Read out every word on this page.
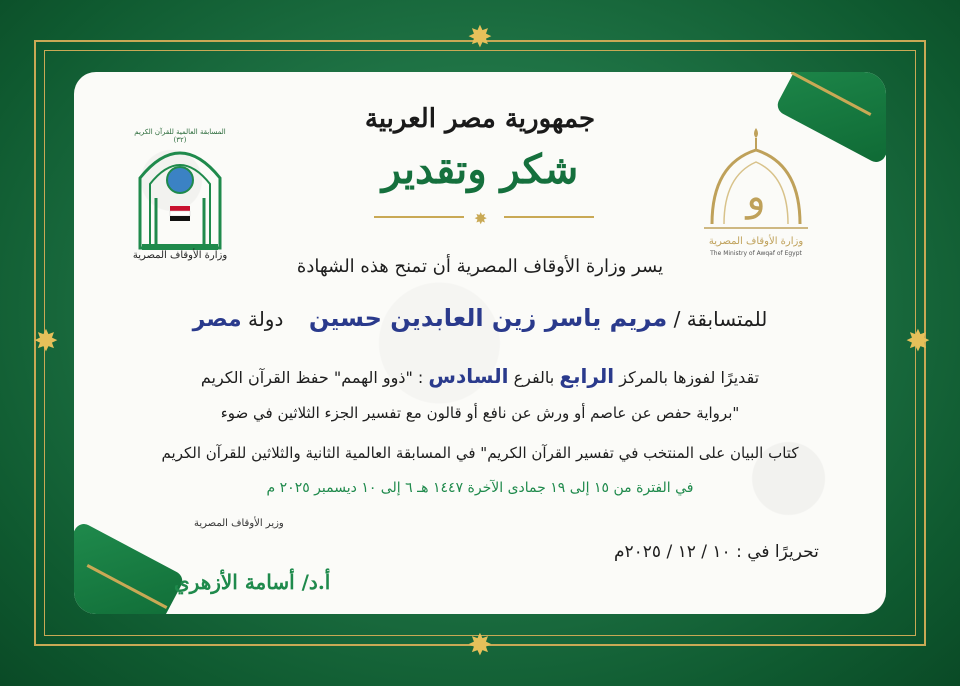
✸
✸
✸	✸
المسابقة العالمية للقرآن الكريم (٣٢)
وزارة الأوقاف المصرية
و
وزارة الأوقاف المصرية
The Ministry of Awqaf of Egypt
جمهورية مصر العربية
شكر وتقدير
✸
يسر وزارة الأوقاف المصرية أن تمنح هذه الشهادة
للمتسابقة / مريم ياسر زين العابدين حسين    دولة مصر
تقديرًا لفوزها بالمركز الرابع بالفرع السادس : "ذوو الهمم" حفظ القرآن الكريم
"برواية حفص عن عاصم أو ورش عن نافع أو قالون مع تفسير الجزء الثلاثين في ضوء
كتاب البيان على المنتخب في تفسير القرآن الكريم" في المسابقة العالمية الثانية والثلاثين للقرآن الكريم
في الفترة من ١٥ إلى ١٩ جمادى الآخرة ١٤٤٧ هـ ٦ إلى ١٠ ديسمبر ٢٠٢٥ م
تحريرًا في : ١٠ / ١٢ / ٢٠٢٥م
وزير الأوقاف المصرية
أ.د/ أسامة الأزهري
